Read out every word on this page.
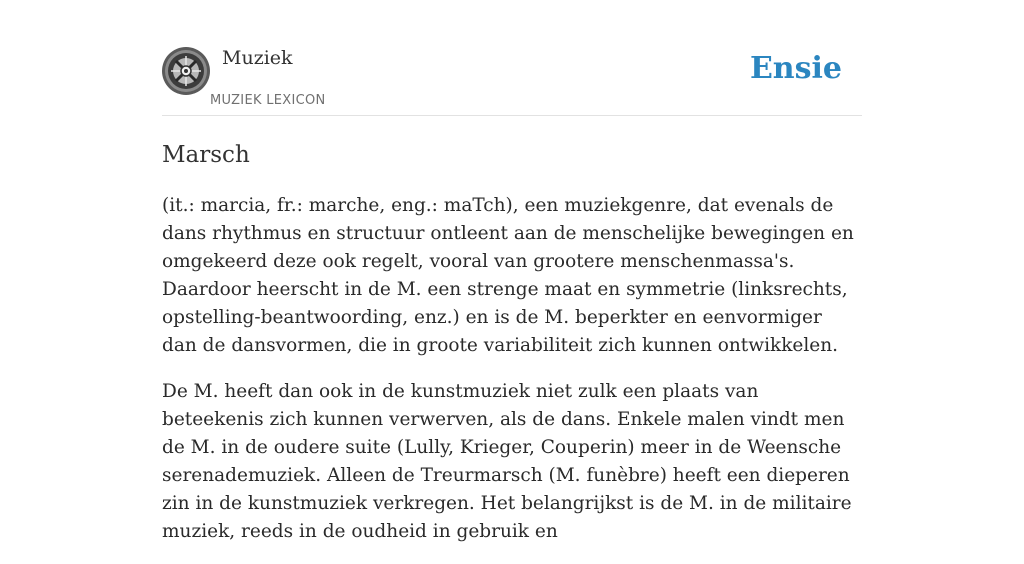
Muziek
MUZIEK LEXICON
Ensie
Marsch

(it.: marcia, fr.: marche, eng.: maTch), een muziekgenre, dat evenals de dans rhythmus en structuur ontleent aan de menschelijke bewegingen en omgekeerd deze ook regelt, vooral van grootere menschenmassa's. Daardoor heerscht in de M. een strenge maat en symmetrie (linksrechts, opstelling-beantwoording, enz.) en is de M. beperkter en eenvormiger dan de dansvormen, die in groote variabiliteit zich kunnen ontwikkelen.

De M. heeft dan ook in de kunstmuziek niet zulk een plaats van beteekenis zich kunnen verwerven, als de dans. Enkele malen vindt men de M. in de oudere suite (Lully, Krieger, Couperin) meer in de Weensche serenademuziek. Alleen de Treurmarsch (M. funèbre) heeft een dieperen zin in de kunstmuziek verkregen. Het belangrijkst is de M. in de militaire muziek, reeds in de oudheid in gebruik en
